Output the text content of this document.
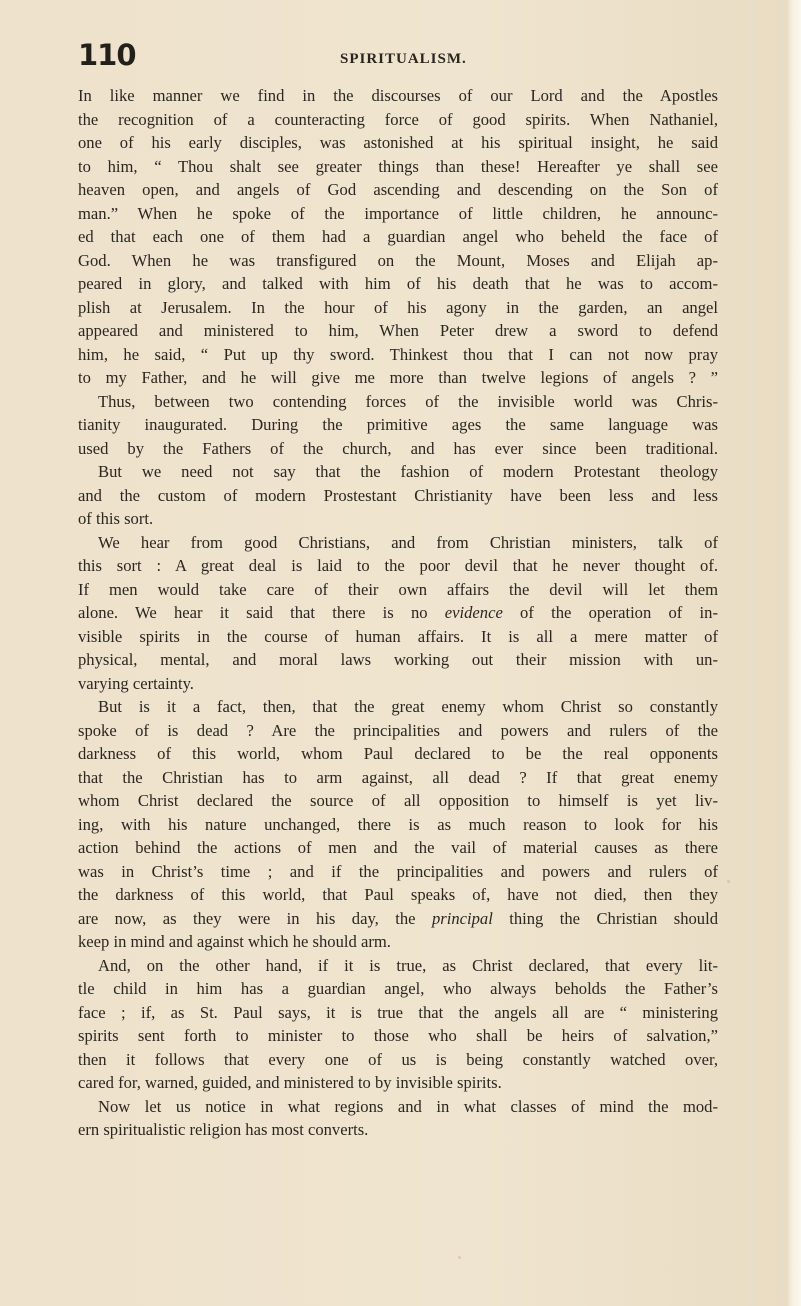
110	SPIRITUALISM.
In like manner we find in the discourses of our Lord and the Apostles
the recognition of a counteracting force of good spirits. When Nathaniel,
one of his early disciples, was astonished at his spiritual insight, he said
to him, “ Thou shalt see greater things than these! Hereafter ye shall see
heaven open, and angels of God ascending and descending on the Son of
man.” When he spoke of the importance of little children, he announc-
ed that each one of them had a guardian angel who beheld the face of
God. When he was transfigured on the Mount, Moses and Elijah ap-
peared in glory, and talked with him of his death that he was to accom-
plish at Jerusalem. In the hour of his agony in the garden, an angel
appeared and ministered to him, When Peter drew a sword to defend
him, he said, “ Put up thy sword. Thinkest thou that I can not now pray
to my Father, and he will give me more than twelve legions of angels ? ”
Thus, between two contending forces of the invisible world was Chris-
tianity inaugurated. During the primitive ages the same language was
used by the Fathers of the church, and has ever since been traditional.
But we need not say that the fashion of modern Protestant theology
and the custom of modern Prostestant Christianity have been less and less
of this sort.
We hear from good Christians, and from Christian ministers, talk of
this sort : A great deal is laid to the poor devil that he never thought of.
If men would take care of their own affairs the devil will let them
alone. We hear it said that there is no evidence of the operation of in-
visible spirits in the course of human affairs. It is all a mere matter of
physical, mental, and moral laws working out their mission with un-
varying certainty.
But is it a fact, then, that the great enemy whom Christ so constantly
spoke of is dead ? Are the principalities and powers and rulers of the
darkness of this world, whom Paul declared to be the real opponents
that the Christian has to arm against, all dead ? If that great enemy
whom Christ declared the source of all opposition to himself is yet liv-
ing, with his nature unchanged, there is as much reason to look for his
action behind the actions of men and the vail of material causes as there
was in Christ’s time ; and if the principalities and powers and rulers of
the darkness of this world, that Paul speaks of, have not died, then they
are now, as they were in his day, the principal thing the Christian should
keep in mind and against which he should arm.
And, on the other hand, if it is true, as Christ declared, that every lit-
tle child in him has a guardian angel, who always beholds the Father’s
face ; if, as St. Paul says, it is true that the angels all are “ ministering
spirits sent forth to minister to those who shall be heirs of salvation,”
then it follows that every one of us is being constantly watched over,
cared for, warned, guided, and ministered to by invisible spirits.
Now let us notice in what regions and in what classes of mind the mod-
ern spiritualistic religion has most converts.
